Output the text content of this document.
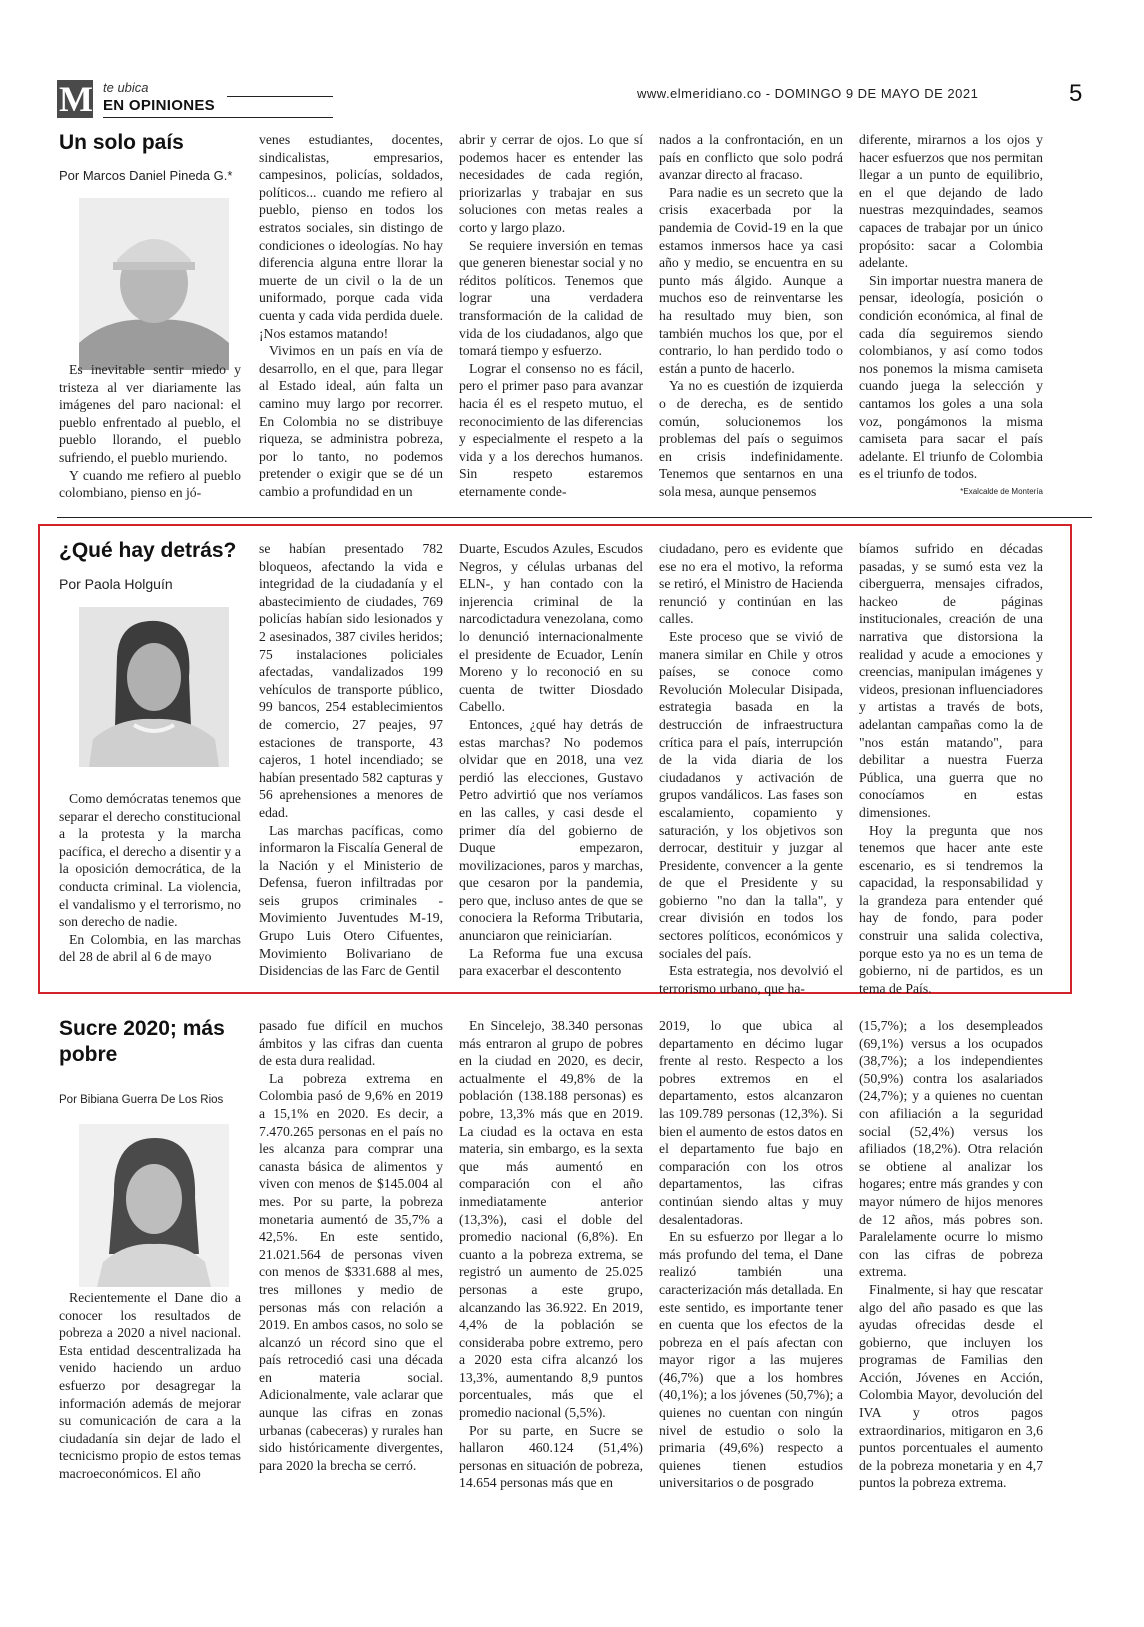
M te ubica
EN OPINIONES
www.elmeridiano.co - DOMINGO 9 DE MAYO DE 2021	5
Un solo país
Por Marcos Daniel Pineda G.*

Es inevitable sentir miedo y tristeza al ver diariamente las imágenes del paro nacional: el pueblo enfrentado al pueblo, el pueblo llorando, el pueblo sufriendo, el pueblo muriendo.

Y cuando me refiero al pueblo colombiano, pienso en jó-

venes estudiantes, docentes, sindicalistas, empresarios, campesinos, policías, soldados, políticos... cuando me refiero al pueblo, pienso en todos los estratos sociales, sin distingo de condiciones o ideologías. No hay diferencia alguna entre llorar la muerte de un civil o la de un uniformado, porque cada vida cuenta y cada vida perdida duele. ¡Nos estamos matando!

Vivimos en un país en vía de desarrollo, en el que, para llegar al Estado ideal, aún falta un camino muy largo por recorrer. En Colombia no se distribuye riqueza, se administra pobreza, por lo tanto, no podemos pretender o exigir que se dé un cambio a profundidad en un

abrir y cerrar de ojos. Lo que sí podemos hacer es entender las necesidades de cada región, priorizarlas y trabajar en sus soluciones con metas reales a corto y largo plazo.

Se requiere inversión en temas que generen bienestar social y no réditos políticos. Tenemos que lograr una verdadera transformación de la calidad de vida de los ciudadanos, algo que tomará tiempo y esfuerzo.

Lograr el consenso no es fácil, pero el primer paso para avanzar hacia él es el respeto mutuo, el reconocimiento de las diferencias y especialmente el respeto a la vida y a los derechos humanos. Sin respeto estaremos eternamente conde-

nados a la confrontación, en un país en conflicto que solo podrá avanzar directo al fracaso.

Para nadie es un secreto que la crisis exacerbada por la pandemia de Covid-19 en la que estamos inmersos hace ya casi año y medio, se encuentra en su punto más álgido. Aunque a muchos eso de reinventarse les ha resultado muy bien, son también muchos los que, por el contrario, lo han perdido todo o están a punto de hacerlo.

Ya no es cuestión de izquierda o de derecha, es de sentido común, solucionemos los problemas del país o seguimos en crisis indefinidamente. Tenemos que sentarnos en una sola mesa, aunque pensemos

diferente, mirarnos a los ojos y hacer esfuerzos que nos permitan llegar a un punto de equilibrio, en el que dejando de lado nuestras mezquindades, seamos capaces de trabajar por un único propósito: sacar a Colombia adelante.

Sin importar nuestra manera de pensar, ideología, posición o condición económica, al final de cada día seguiremos siendo colombianos, y así como todos nos ponemos la misma camiseta cuando juega la selección y cantamos los goles a una sola voz, pongámonos la misma camiseta para sacar el país adelante. El triunfo de Colombia es el triunfo de todos.

*Exalcalde de Montería

¿Qué hay detrás?
Por Paola Holguín

Como demócratas tenemos que separar el derecho constitucional a la protesta y la marcha pacífica, el derecho a disentir y a la oposición democrática, de la conducta criminal. La violencia, el vandalismo y el terrorismo, no son derecho de nadie.

En Colombia, en las marchas del 28 de abril al 6 de mayo

se habían presentado 782 bloqueos, afectando la vida e integridad de la ciudadanía y el abastecimiento de ciudades, 769 policías habían sido lesionados y 2 asesinados, 387 civiles heridos; 75 instalaciones policiales afectadas, vandalizados 199 vehículos de transporte público, 99 bancos, 254 establecimientos de comercio, 27 peajes, 97 estaciones de transporte, 43 cajeros, 1 hotel incendiado; se habían presentado 582 capturas y 56 aprehensiones a menores de edad.

Las marchas pacíficas, como informaron la Fiscalía General de la Nación y el Ministerio de Defensa, fueron infiltradas por seis grupos criminales -Movimiento Juventudes M-19, Grupo Luis Otero Cifuentes, Movimiento Bolivariano de Disidencias de las Farc de Gentil

Duarte, Escudos Azules, Escudos Negros, y células urbanas del ELN-, y han contado con la injerencia criminal de la narcodictadura venezolana, como lo denunció internacionalmente el presidente de Ecuador, Lenín Moreno y lo reconoció en su cuenta de twitter Diosdado Cabello.

Entonces, ¿qué hay detrás de estas marchas? No podemos olvidar que en 2018, una vez perdió las elecciones, Gustavo Petro advirtió que nos veríamos en las calles, y casi desde el primer día del gobierno de Duque empezaron, movilizaciones, paros y marchas, que cesaron por la pandemia, pero que, incluso antes de que se conociera la Reforma Tributaria, anunciaron que reiniciarían.

La Reforma fue una excusa para exacerbar el descontento

ciudadano, pero es evidente que ese no era el motivo, la reforma se retiró, el Ministro de Hacienda renunció y continúan en las calles.

Este proceso que se vivió de manera similar en Chile y otros países, se conoce como Revolución Molecular Disipada, estrategia basada en la destrucción de infraestructura crítica para el país, interrupción de la vida diaria de los ciudadanos y activación de grupos vandálicos. Las fases son escalamiento, copamiento y saturación, y los objetivos son derrocar, destituir y juzgar al Presidente, convencer a la gente de que el Presidente y su gobierno "no dan la talla", y crear división en todos los sectores políticos, económicos y sociales del país.

Esta estrategia, nos devolvió el terrorismo urbano, que ha-

bíamos sufrido en décadas pasadas, y se sumó esta vez la ciberguerra, mensajes cifrados, hackeo de páginas institucionales, creación de una narrativa que distorsiona la realidad y acude a emociones y creencias, manipulan imágenes y videos, presionan influenciadores y artistas a través de bots, adelantan campañas como la de "nos están matando", para debilitar a nuestra Fuerza Pública, una guerra que no conocíamos en estas dimensiones.

Hoy la pregunta que nos tenemos que hacer ante este escenario, es si tendremos la capacidad, la responsabilidad y la grandeza para entender qué hay de fondo, para poder construir una salida colectiva, porque esto ya no es un tema de gobierno, ni de partidos, es un tema de País.

Sucre 2020; más pobre
Por Bibiana Guerra De Los Rios

Recientemente el Dane dio a conocer los resultados de pobreza a 2020 a nivel nacional. Esta entidad descentralizada ha venido haciendo un arduo esfuerzo por desagregar la información además de mejorar su comunicación de cara a la ciudadanía sin dejar de lado el tecnicismo propio de estos temas macroeconómicos. El año

pasado fue difícil en muchos ámbitos y las cifras dan cuenta de esta dura realidad.

La pobreza extrema en Colombia pasó de 9,6% en 2019 a 15,1% en 2020. Es decir, a 7.470.265 personas en el país no les alcanza para comprar una canasta básica de alimentos y viven con menos de $145.004 al mes. Por su parte, la pobreza monetaria aumentó de 35,7% a 42,5%. En este sentido, 21.021.564 de personas viven con menos de $331.688 al mes, tres millones y medio de personas más con relación a 2019. En ambos casos, no solo se alcanzó un récord sino que el país retrocedió casi una década en materia social. Adicionalmente, vale aclarar que aunque las cifras en zonas urbanas (cabeceras) y rurales han sido históricamente divergentes, para 2020 la brecha se cerró.

En Sincelejo, 38.340 personas más entraron al grupo de pobres en la ciudad en 2020, es decir, actualmente el 49,8% de la población (138.188 personas) es pobre, 13,3% más que en 2019. La ciudad es la octava en esta materia, sin embargo, es la sexta que más aumentó en comparación con el año inmediatamente anterior (13,3%), casi el doble del promedio nacional (6,8%). En cuanto a la pobreza extrema, se registró un aumento de 25.025 personas a este grupo, alcanzando las 36.922. En 2019, 4,4% de la población se consideraba pobre extremo, pero a 2020 esta cifra alcanzó los 13,3%, aumentando 8,9 puntos porcentuales, más que el promedio nacional (5,5%).

Por su parte, en Sucre se hallaron 460.124 (51,4%) personas en situación de pobreza, 14.654 personas más que en

2019, lo que ubica al departamento en décimo lugar frente al resto. Respecto a los pobres extremos en el departamento, estos alcanzaron las 109.789 personas (12,3%). Si bien el aumento de estos datos en el departamento fue bajo en comparación con los otros departamentos, las cifras continúan siendo altas y muy desalentadoras.

En su esfuerzo por llegar a lo más profundo del tema, el Dane realizó también una caracterización más detallada. En este sentido, es importante tener en cuenta que los efectos de la pobreza en el país afectan con mayor rigor a las mujeres (46,7%) que a los hombres (40,1%); a los jóvenes (50,7%); a quienes no cuentan con ningún nivel de estudio o solo la primaria (49,6%) respecto a quienes tienen estudios universitarios o de posgrado

(15,7%); a los desempleados (69,1%) versus a los ocupados (38,7%); a los independientes (50,9%) contra los asalariados (24,7%); y a quienes no cuentan con afiliación a la seguridad social (52,4%) versus los afiliados (18,2%). Otra relación se obtiene al analizar los hogares; entre más grandes y con mayor número de hijos menores de 12 años, más pobres son. Paralelamente ocurre lo mismo con las cifras de pobreza extrema.

Finalmente, si hay que rescatar algo del año pasado es que las ayudas ofrecidas desde el gobierno, que incluyen los programas de Familias den Acción, Jóvenes en Acción, Colombia Mayor, devolución del IVA y otros pagos extraordinarios, mitigaron en 3,6 puntos porcentuales el aumento de la pobreza monetaria y en 4,7 puntos la pobreza extrema.
